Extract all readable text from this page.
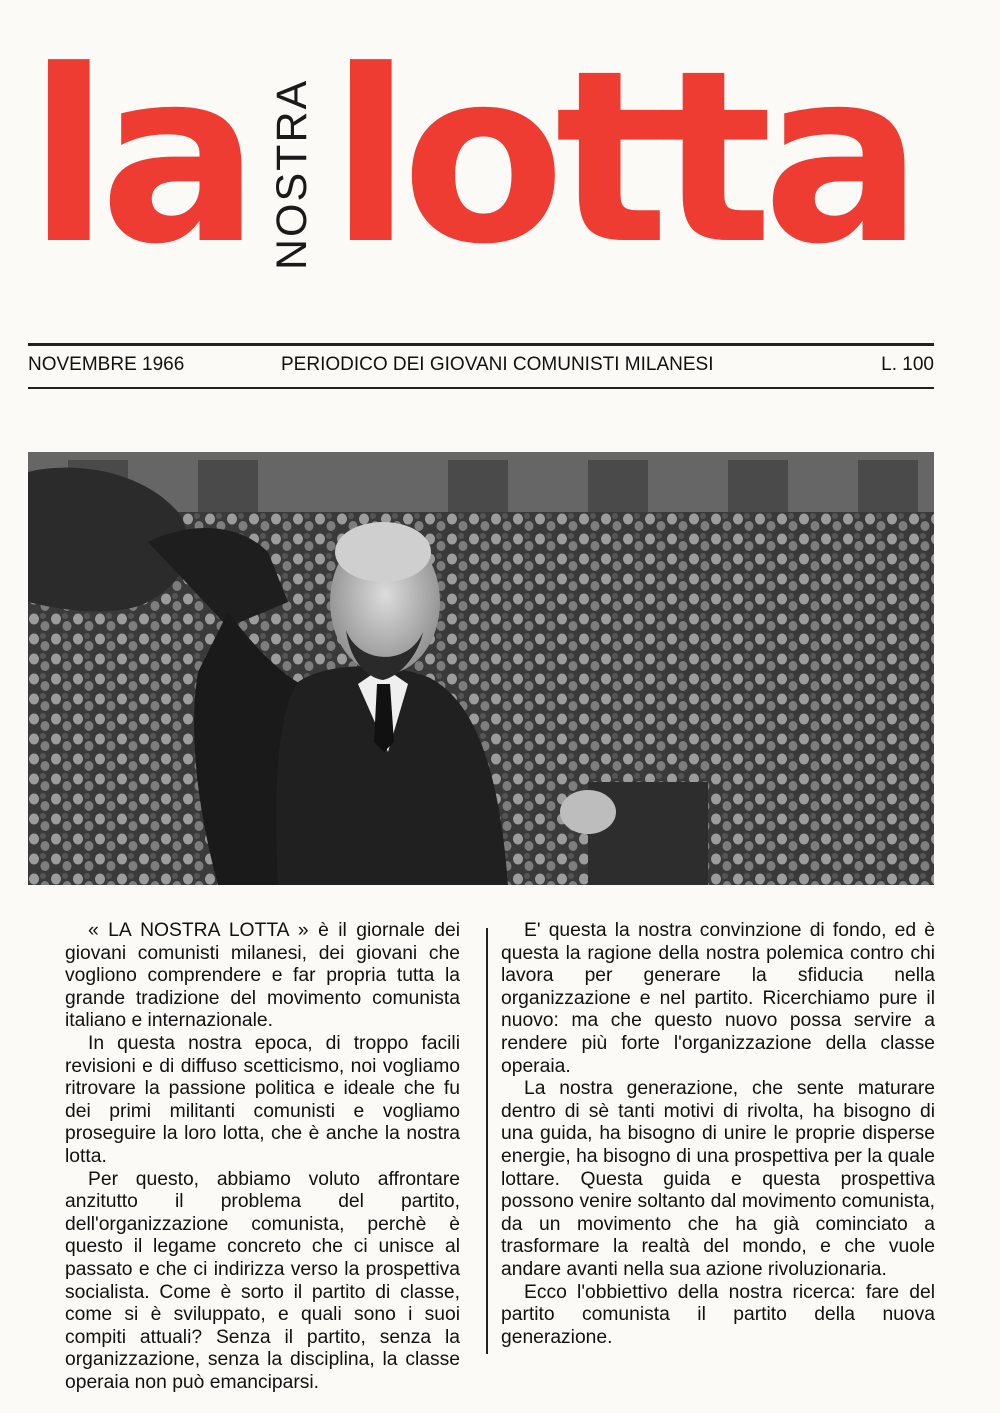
la NOSTRA lotta
NOVEMBRE 1966	PERIODICO DEI GIOVANI COMUNISTI MILANESI	L. 100

« LA NOSTRA LOTTA » è il giornale dei giovani comunisti milanesi, dei giovani che vogliono comprendere e far propria tutta la grande tradizione del movimento comunista italiano e internazionale.

In questa nostra epoca, di troppo facili revisioni e di diffuso scetticismo, noi vogliamo ritrovare la passione politica e ideale che fu dei primi militanti comunisti e vogliamo proseguire la loro lotta, che è anche la nostra lotta.

Per questo, abbiamo voluto affrontare anzitutto il problema del partito, dell'organizzazione comunista, perchè è questo il legame concreto che ci unisce al passato e che ci indirizza verso la prospettiva socialista. Come è sorto il partito di classe, come si è sviluppato, e quali sono i suoi compiti attuali? Senza il partito, senza la organizzazione, senza la disciplina, la classe operaia non può emanciparsi.

E' questa la nostra convinzione di fondo, ed è questa la ragione della nostra polemica contro chi lavora per generare la sfiducia nella organizzazione e nel partito. Ricerchiamo pure il nuovo: ma che questo nuovo possa servire a rendere più forte l'organizzazione della classe operaia.

La nostra generazione, che sente maturare dentro di sè tanti motivi di rivolta, ha bisogno di una guida, ha bisogno di unire le proprie disperse energie, ha bisogno di una prospettiva per la quale lottare. Questa guida e questa prospettiva possono venire soltanto dal movimento comunista, da un movimento che ha già cominciato a trasformare la realtà del mondo, e che vuole andare avanti nella sua azione rivoluzionaria.

Ecco l'obbiettivo della nostra ricerca: fare del partito comunista il partito della nuova generazione.
